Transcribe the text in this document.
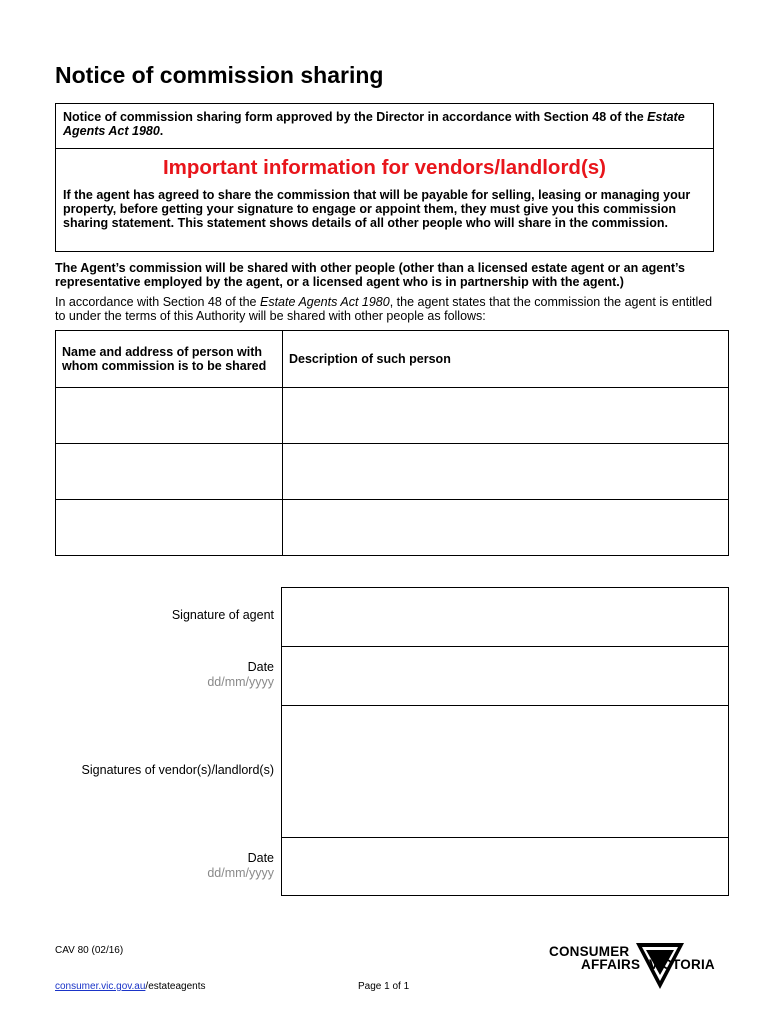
Notice of commission sharing
Notice of commission sharing form approved by the Director in accordance with Section 48 of the Estate Agents Act 1980.
Important information for vendors/landlord(s)
If the agent has agreed to share the commission that will be payable for selling, leasing or managing your property, before getting your signature to engage or appoint them, they must give you this commission sharing statement. This statement shows details of all other people who will share in the commission.
The Agent’s commission will be shared with other people (other than a licensed estate agent or an agent’s representative employed by the agent, or a licensed agent who is in partnership with the agent.)
In accordance with Section 48 of the Estate Agents Act 1980, the agent states that the commission the agent is entitled to under the terms of this Authority will be shared with other people as follows:
Name and address of person with whom commission is to be shared	Description of such person

Signature of agent
Date
dd/mm/yyyy
Signatures of vendor(s)/landlord(s)
Date
dd/mm/yyyy
CAV 80 (02/16)
consumer.vic.gov.au/estateagents	Page 1 of 1
CONSUMER
AFFAIRS VICTORIA
